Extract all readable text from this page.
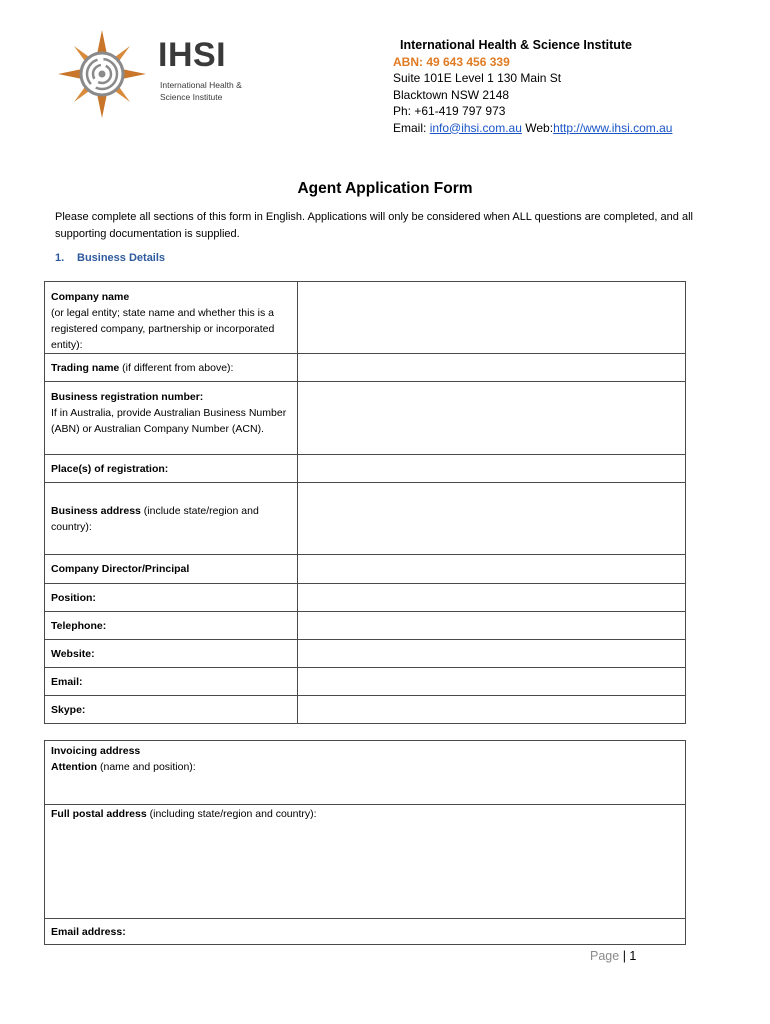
IHSI
International Health & Science Institute
International Health & Science Institute
ABN: 49 643 456 339
Suite 101E Level 1 130 Main St
Blacktown NSW 2148
Ph: +61-419 797 973
Email: info@ihsi.com.au Web:http://www.ihsi.com.au
Agent Application Form
Please complete all sections of this form in English. Applications will only be considered when ALL questions are completed, and all supporting documentation is supplied.
1. Business Details
Company name
(or legal entity; state name and whether this is a registered company, partnership or incorporated entity):	
Trading name (if different from above):	
Business registration number:
If in Australia, provide Australian Business Number (ABN) or Australian Company Number (ACN).	
Place(s) of registration:	
Business address (include state/region and country):	
Company Director/Principal	
Position:	
Telephone:	
Website:	
Email:	
Skype:	
Invoicing address
Attention (name and position):
Full postal address (including state/region and country):
Email address:
Page | 1
